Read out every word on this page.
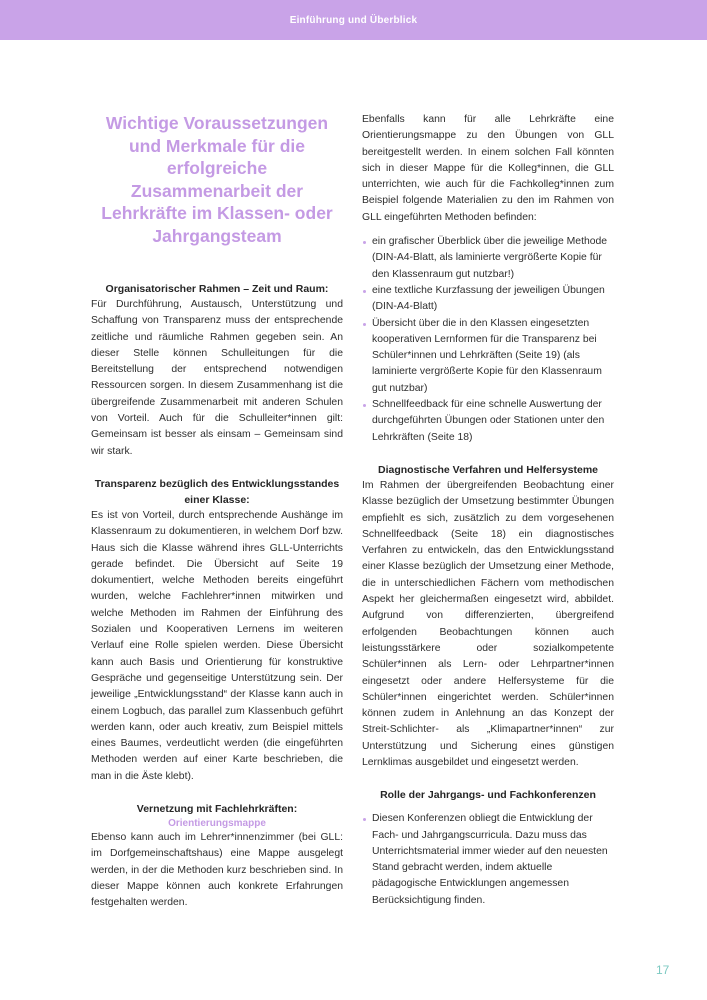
Einführung und Überblick
Wichtige Voraussetzungen und Merkmale für die erfolgreiche Zusammenarbeit der Lehrkräfte im Klassen- oder Jahrgangsteam
Organisatorischer Rahmen – Zeit und Raum:

Für Durchführung, Austausch, Unterstützung und Schaffung von Transparenz muss der entsprechende zeitliche und räumliche Rahmen gegeben sein. An dieser Stelle können Schulleitungen für die Bereitstellung der entsprechend notwendigen Ressourcen sorgen. In diesem Zusammenhang ist die übergreifende Zusammenarbeit mit anderen Schulen von Vorteil. Auch für die Schulleiter*innen gilt: Gemeinsam ist besser als einsam – Gemeinsam sind wir stark.

Transparenz bezüglich des Entwicklungsstandes einer Klasse:

Es ist von Vorteil, durch entsprechende Aushänge im Klassenraum zu dokumentieren, in welchem Dorf bzw. Haus sich die Klasse während ihres GLL-Unterrichts gerade befindet. Die Übersicht auf Seite 19 dokumentiert, welche Methoden bereits eingeführt wurden, welche Fachlehrer*innen mitwirken und welche Methoden im Rahmen der Einführung des Sozialen und Kooperativen Lernens im weiteren Verlauf eine Rolle spielen werden. Diese Übersicht kann auch Basis und Orientierung für konstruktive Gespräche und gegenseitige Unterstützung sein. Der jeweilige „Entwicklungsstand“ der Klasse kann auch in einem Logbuch, das parallel zum Klassenbuch geführt werden kann, oder auch kreativ, zum Beispiel mittels eines Baumes, verdeutlicht werden (die eingeführten Methoden werden auf einer Karte beschrieben, die man in die Äste klebt).

Vernetzung mit Fachlehrkräften:
Orientierungsmappe

Ebenso kann auch im Lehrer*innenzimmer (bei GLL: im Dorfgemeinschaftshaus) eine Mappe ausgelegt werden, in der die Methoden kurz beschrieben sind. In dieser Mappe können auch konkrete Erfahrungen festgehalten werden.

Ebenfalls kann für alle Lehrkräfte eine Orientierungsmappe zu den Übungen von GLL bereitgestellt werden. In einem solchen Fall könnten sich in dieser Mappe für die Kolleg*innen, die GLL unterrichten, wie auch für die Fachkolleg*innen zum Beispiel folgende Materialien zu den im Rahmen von GLL eingeführten Methoden befinden:

ein grafischer Überblick über die jeweilige Methode (DIN-A4-Blatt, als laminierte vergrößerte Kopie für den Klassenraum gut nutzbar!)
eine textliche Kurzfassung der jeweiligen Übungen (DIN-A4-Blatt)
Übersicht über die in den Klassen eingesetzten kooperativen Lernformen für die Transparenz bei Schüler*innen und Lehrkräften (Seite 19) (als laminierte vergrößerte Kopie für den Klassenraum gut nutzbar)
Schnellfeedback für eine schnelle Auswertung der durchgeführten Übungen oder Stationen unter den Lehrkräften (Seite 18)
Diagnostische Verfahren und Helfersysteme

Im Rahmen der übergreifenden Beobachtung einer Klasse bezüglich der Umsetzung bestimmter Übungen empfiehlt es sich, zusätzlich zu dem vorgesehenen Schnellfeedback (Seite 18) ein diagnostisches Verfahren zu entwickeln, das den Entwicklungsstand einer Klasse bezüglich der Umsetzung einer Methode, die in unterschiedlichen Fächern vom methodischen Aspekt her gleichermaßen eingesetzt wird, abbildet. Aufgrund von differenzierten, übergreifend erfolgenden Beobachtungen können auch leistungsstärkere oder sozialkompetente Schüler*innen als Lern- oder Lehrpartner*innen eingesetzt oder andere Helfersysteme für die Schüler*innen eingerichtet werden. Schüler*innen können zudem in Anlehnung an das Konzept der Streit-Schlichter- als „Klimapartner*innen“ zur Unterstützung und Sicherung eines günstigen Lernklimas ausgebildet und eingesetzt werden.

Rolle der Jahrgangs- und Fachkonferenzen
Diesen Konferenzen obliegt die Entwicklung der Fach- und Jahrgangscurricula. Dazu muss das Unterrichtsmaterial immer wieder auf den neuesten Stand gebracht werden, indem aktuelle pädagogische Entwicklungen angemessen Berücksichtigung finden.
17
